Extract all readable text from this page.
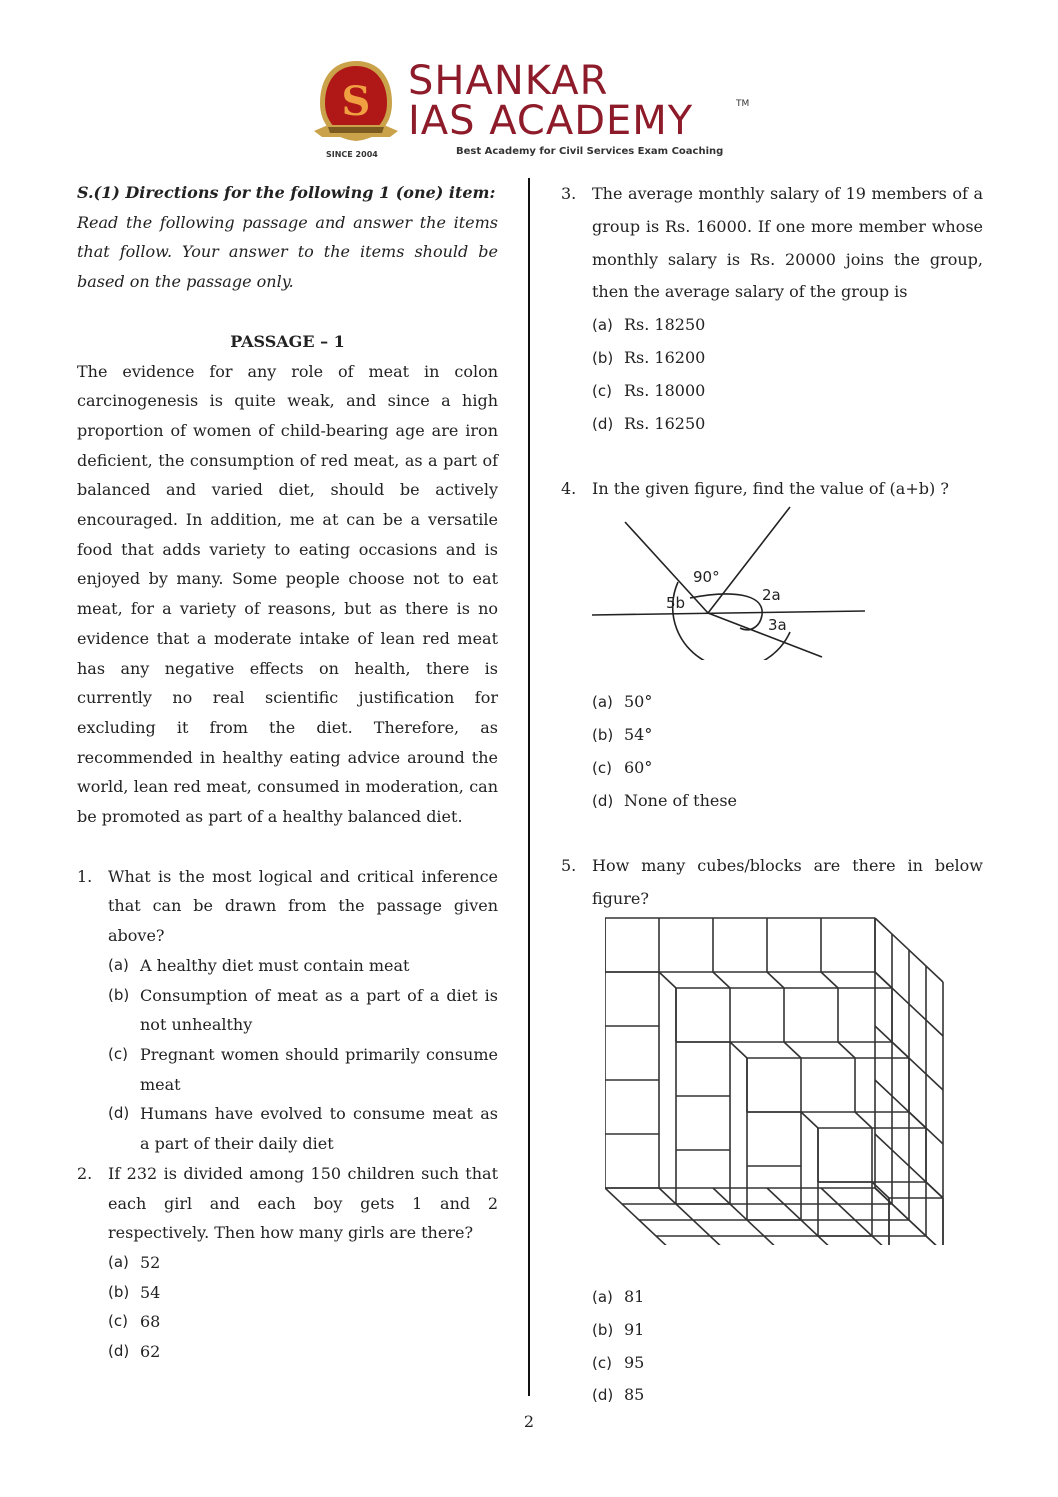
S
SINCE 2004
SHANKAR
IAS ACADEMY	TM
Best Academy for Civil Services Exam Coaching
S.(1) Directions for the following 1 (one) item:
Read the following passage and answer the items that follow. Your answer to the items should be based on the passage only.
PASSAGE – 1

The evidence for any role of meat in colon carcinogenesis is quite weak, and since a high proportion of women of child-bearing age are iron deficient, the consumption of red meat, as a part of balanced and varied diet, should be actively encouraged. In addition, me at can be a versatile food that adds variety to eating occasions and is enjoyed by many. Some people choose not to eat meat, for a variety of reasons, but as there is no evidence that a moderate intake of lean red meat has any negative effects on health, there is currently no real scientific justification for excluding it from the diet. Therefore, as recommended in healthy eating advice around the world, lean red meat, consumed in moderation, can be promoted as part of a healthy balanced diet.

1. What is the most logical and critical inference that can be drawn from the passage given above?
(a) A healthy diet must contain meat
(b) Consumption of meat as a part of a diet is not unhealthy
(c) Pregnant women should primarily consume meat
(d) Humans have evolved to consume meat as a part of their daily diet
2. If 232 is divided among 150 children such that each girl and each boy gets 1 and 2 respectively. Then how many girls are there?
(a) 52
(b) 54
(c) 68
(d) 62
3. The average monthly salary of 19 members of a group is Rs. 16000. If one more member whose monthly salary is Rs. 20000 joins the group, then the average salary of the group is
(a) Rs. 18250
(b) Rs. 16200
(c) Rs. 18000
(d) Rs. 16250
4. In the given figure, find the value of (a+b) ?
(a) 50°
(b) 54°
(c) 60°
(d) None of these
5. How many cubes/blocks are there in below figure?
(a) 81
(b) 91
(c) 95
(d) 85
90°
5b	2a
3a
2
